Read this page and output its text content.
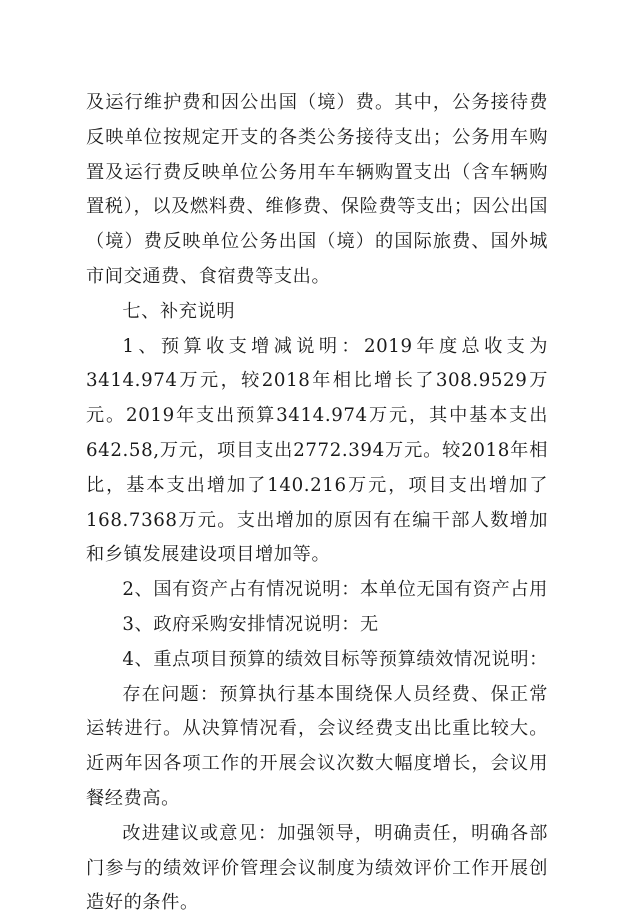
及运行维护费和因公出国（境）费。其中，公务接待费反映单位按规定开支的各类公务接待支出；公务用车购置及运行费反映单位公务用车车辆购置支出（含车辆购置税），以及燃料费、维修费、保险费等支出；因公出国（境）费反映单位公务出国（境）的国际旅费、国外城市间交通费、食宿费等支出。

七、补充说明

1、预算收支增减说明：2019年度总收支为3414.974万元，较2018年相比增长了308.9529万元。2019年支出预算3414.974万元，其中基本支出642.58,万元，项目支出2772.394万元。较2018年相比，基本支出增加了140.216万元，项目支出增加了168.7368万元。支出增加的原因有在编干部人数增加和乡镇发展建设项目增加等。

2、国有资产占有情况说明：本单位无国有资产占用

3、政府采购安排情况说明：无

4、重点项目预算的绩效目标等预算绩效情况说明：

存在问题：预算执行基本围绕保人员经费、保正常运转进行。从决算情况看，会议经费支出比重比较大。近两年因各项工作的开展会议次数大幅度增长，会议用餐经费高。

改进建议或意见：加强领导，明确责任，明确各部门参与的绩效评价管理会议制度为绩效评价工作开展创造好的条件。
